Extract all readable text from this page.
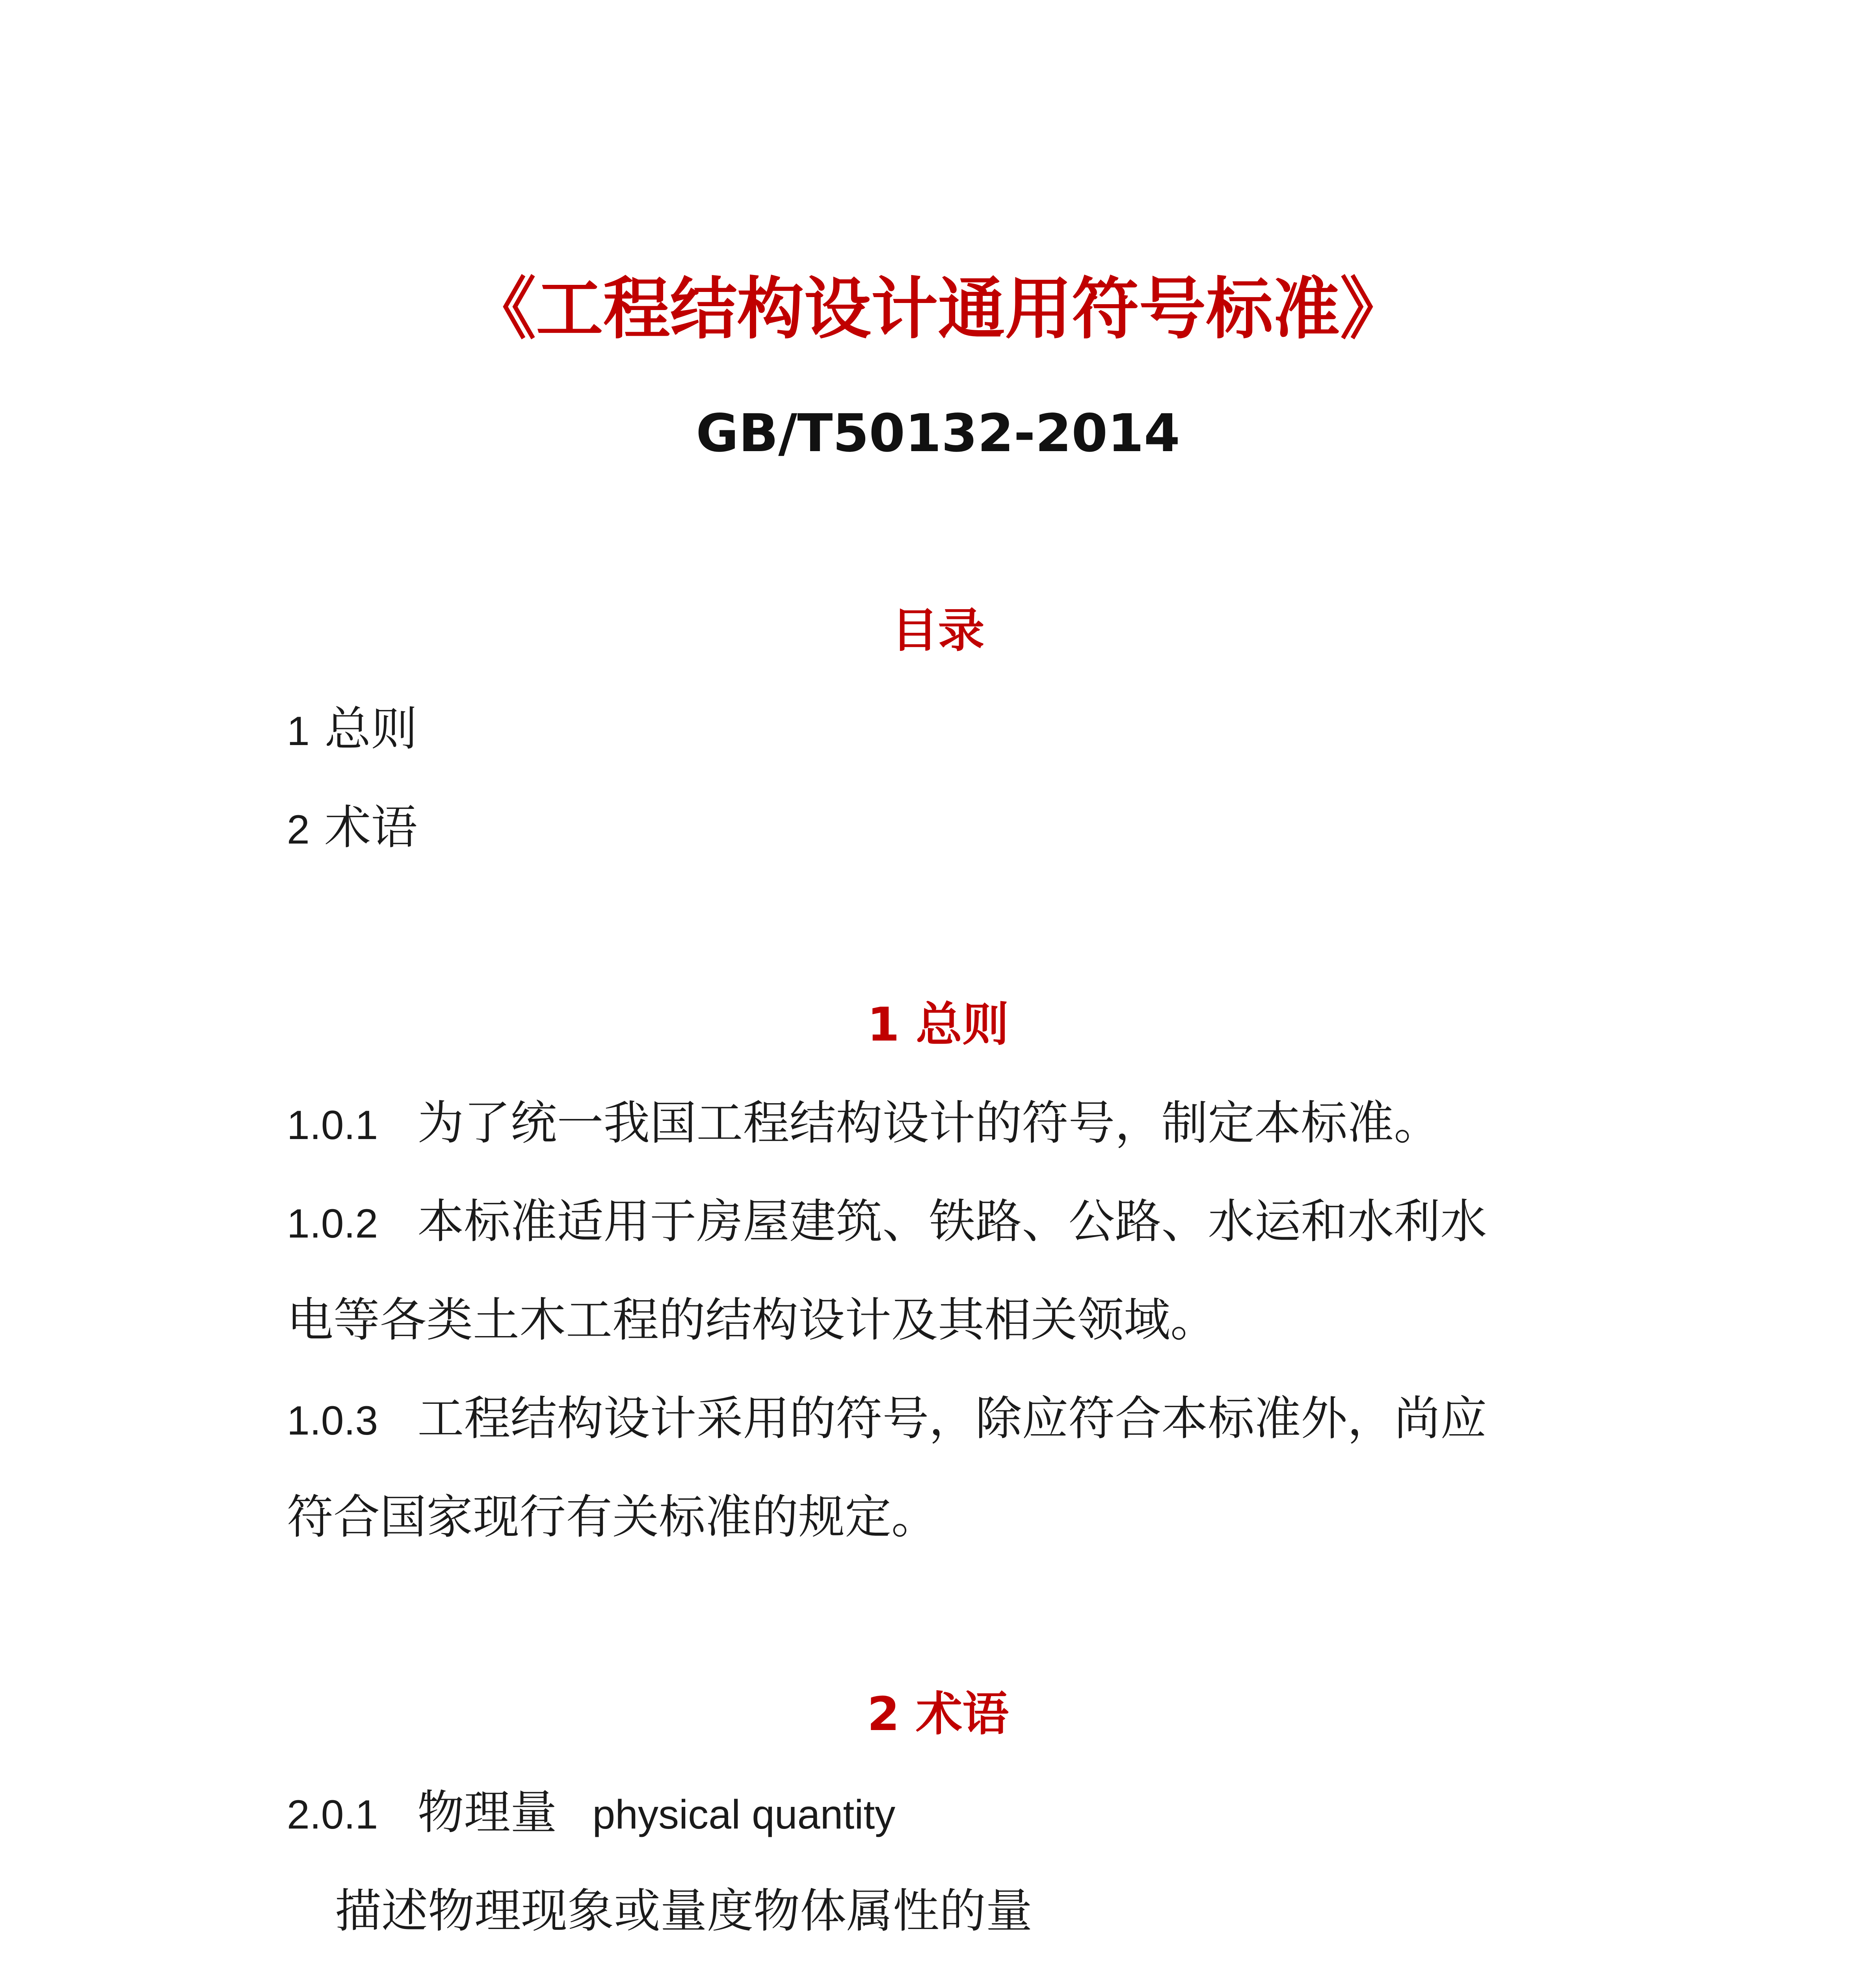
《工程结构设计通用符号标准》
GB/T50132-2014
目录
1 总则
2 术语
1 总则
1.0.1 为了统一我国工程结构设计的符号，制定本标准。
1.0.2 本标准适用于房屋建筑、铁路、公路、水运和水利水
电等各类土木工程的结构设计及其相关领域。
1.0.3 工程结构设计采用的符号，除应符合本标准外，尚应
符合国家现行有关标准的规定。
2 术语
2.0.1 物理量 physical quantity
描述物理现象或量度物体属性的量
